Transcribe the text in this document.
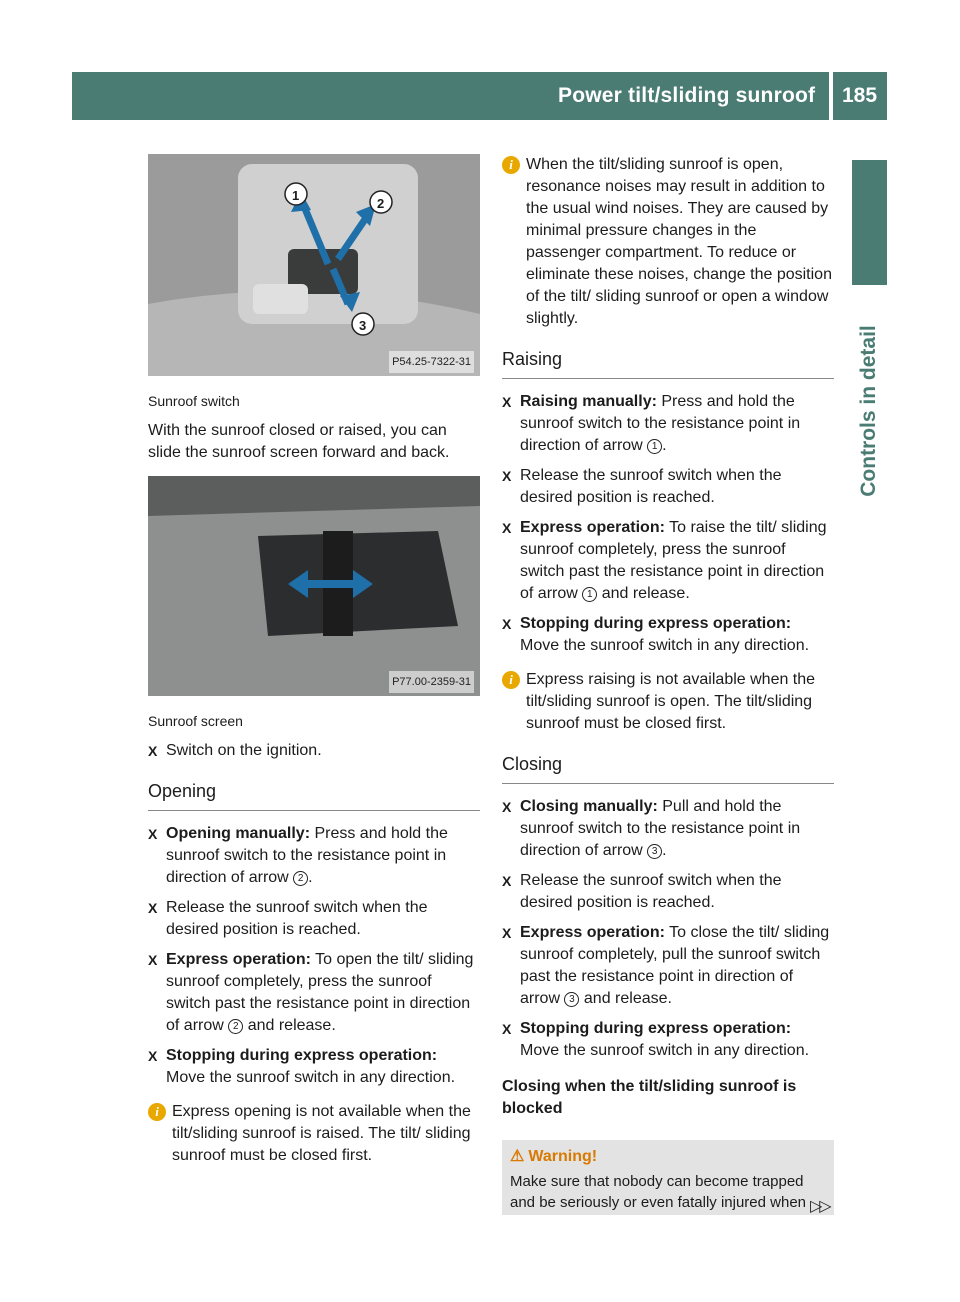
Power tilt/sliding sunroof 185
Controls in detail
1
2
3
P54.25-7322-31
Sunroof switch

With the sunroof closed or raised, you can slide the sunroof screen forward and back.

P77.00-2359-31
Sunroof screen
X Switch on the ignition.
Opening
X Opening manually: Press and hold the sunroof switch to the resistance point in direction of arrow 2 .
X Release the sunroof switch when the desired position is reached.
X Express operation: To open the tilt/ sliding sunroof completely, press the sunroof switch past the resistance point in direction of arrow 2 and release.
X Stopping during express operation:
Move the sunroof switch in any direction.
i Express opening is not available when the tilt/sliding sunroof is raised. The tilt/ sliding sunroof must be closed first.
i When the tilt/sliding sunroof is open, resonance noises may result in addition to the usual wind noises. They are caused by minimal pressure changes in the passenger compartment. To reduce or eliminate these noises, change the position of the tilt/ sliding sunroof or open a window slightly.
Raising
X Raising manually: Press and hold the sunroof switch to the resistance point in direction of arrow 1 .
X Release the sunroof switch when the desired position is reached.
X Express operation: To raise the tilt/ sliding sunroof completely, press the sunroof switch past the resistance point in direction of arrow 1 and release.
X Stopping during express operation:
Move the sunroof switch in any direction.
i Express raising is not available when the tilt/sliding sunroof is open. The tilt/sliding sunroof must be closed first.
Closing
X Closing manually: Pull and hold the sunroof switch to the resistance point in direction of arrow 3 .
X Release the sunroof switch when the desired position is reached.
X Express operation: To close the tilt/ sliding sunroof completely, pull the sunroof switch past the resistance point in direction of arrow 3 and release.
X Stopping during express operation:
Move the sunroof switch in any direction.
Closing when the tilt/sliding sunroof is blocked
⚠ Warning!
Make sure that nobody can become trapped and be seriously or even fatally injured when ▷▷
